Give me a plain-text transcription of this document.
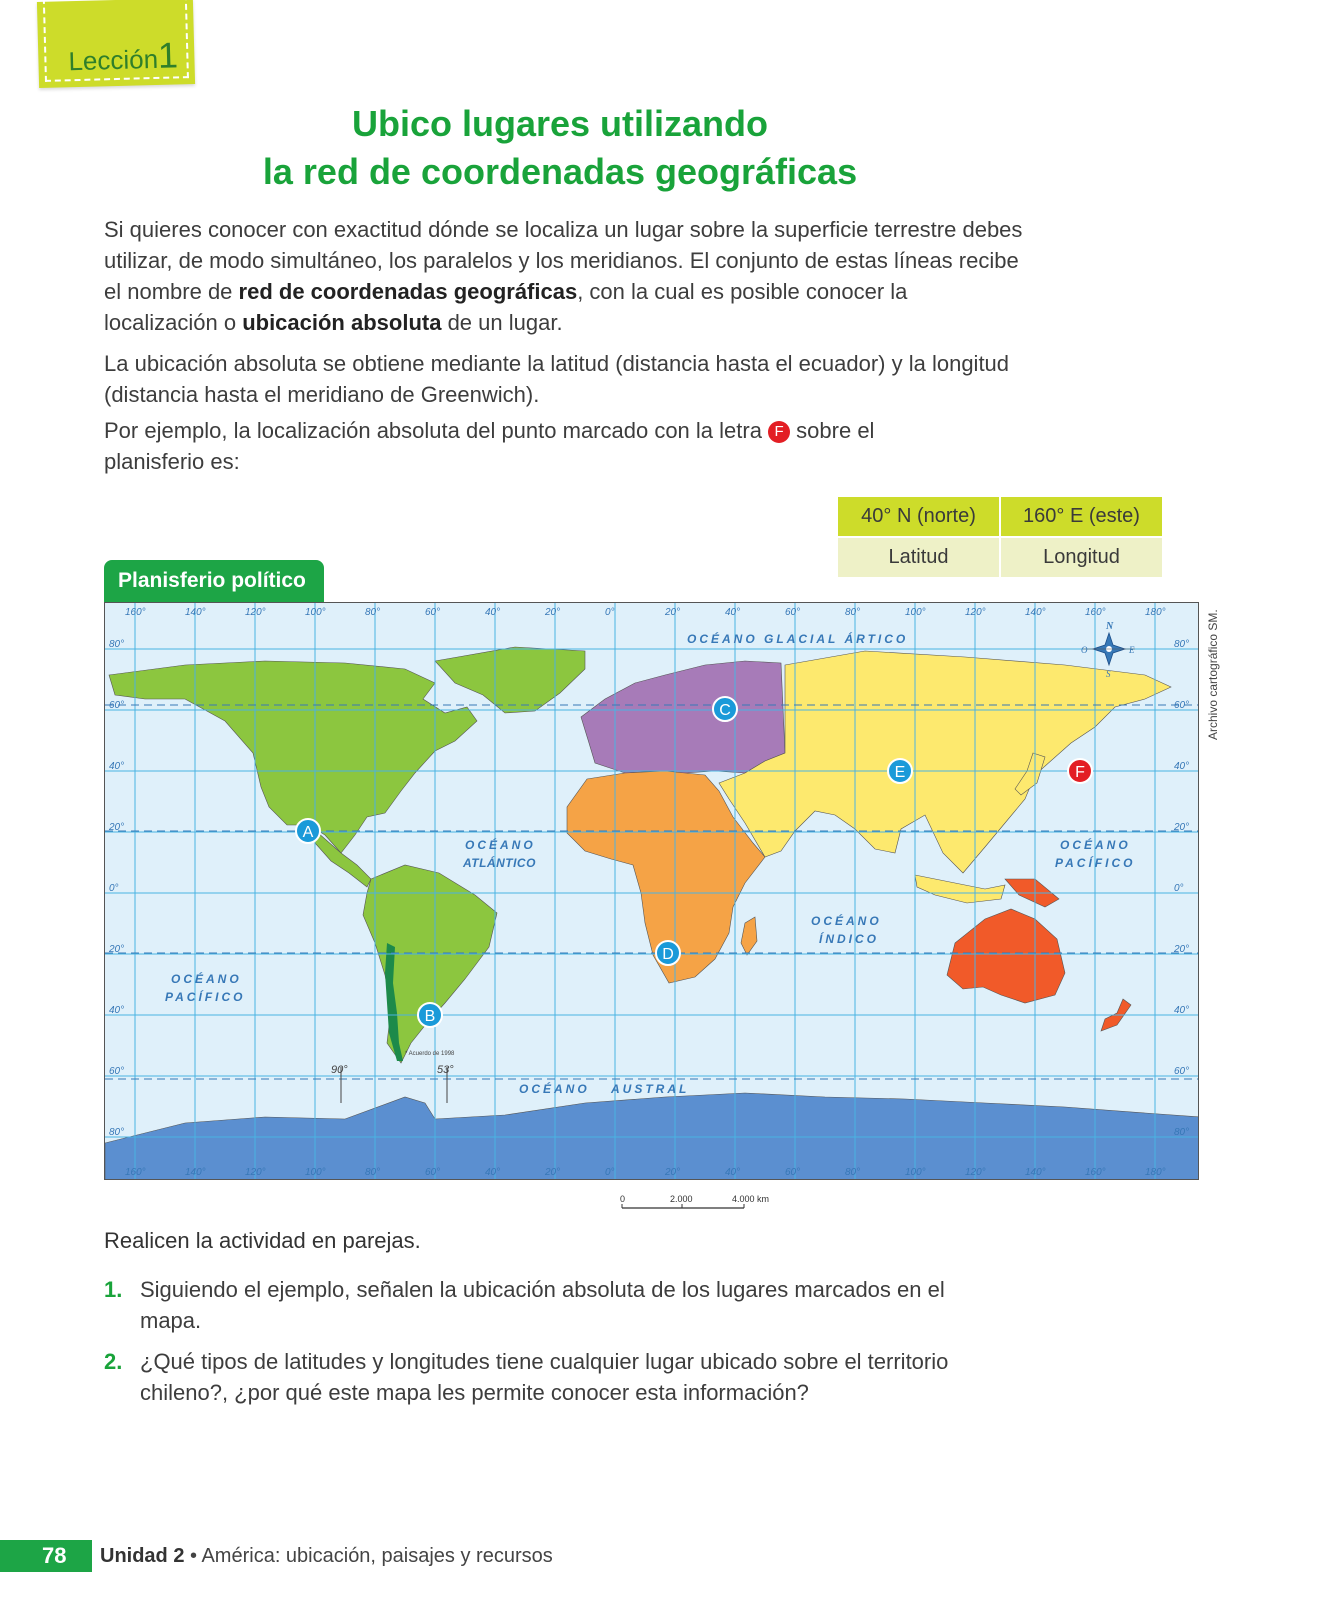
Lección1
Ubico lugares utilizando
la red de coordenadas geográficas
Si quieres conocer con exactitud dónde se localiza un lugar sobre la superficie terrestre debes utilizar, de modo simultáneo, los paralelos y los meridianos. El conjunto de estas líneas recibe el nombre de red de coordenadas geográficas, con la cual es posible conocer la localización o ubicación absoluta de un lugar.
La ubicación absoluta se obtiene mediante la latitud (distancia hasta el ecuador) y la longitud (distancia hasta el meridiano de Greenwich).
Por ejemplo, la localización absoluta del punto marcado con la letra F sobre el planisferio es:
40° N (norte)	160° E (este)
Latitud	Longitud
Planisferio político
160°
160°
140°
140°
120°
120°
100°
100°
80°
80°
60°
60°
40°
40°
20°
20°
0°
0°
20°
20°
40°
40°
60°
60°
80°
80°
100°
100°
120°
120°
140°
140°
160°
160°
180°
180°
80°	80°
60°	60°
40°	40°
20°	20°
0°	0°
20°	20°
40°	40°
60°	60°
80°	80°
OCÉANO GLACIAL ÁRTICO
OCÉANO
ATLÁNTICO
OCÉANO
PACÍFICO
OCÉANO
PACÍFICO
OCÉANO
ÍNDICO
OCÉANO AUSTRAL
90°	53°
* Acuerdo de 1998
N
S
E
O
A
B
C
D
E	F
Archivo cartográfico SM.
0	2.000	4.000 km
Realicen la actividad en parejas.
1. Siguiendo el ejemplo, señalen la ubicación absoluta de los lugares marcados en el mapa.
2. ¿Qué tipos de latitudes y longitudes tiene cualquier lugar ubicado sobre el territorio chileno?, ¿por qué este mapa les permite conocer esta información?
78 Unidad 2 • América: ubicación, paisajes y recursos
